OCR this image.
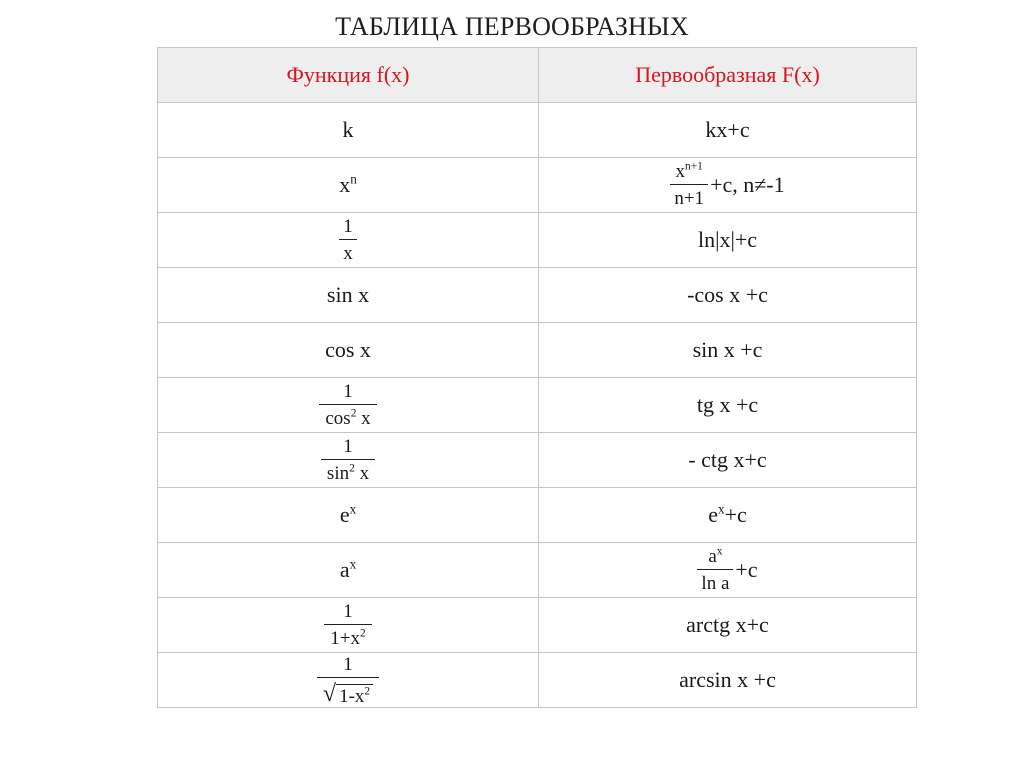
ТАБЛИЦА ПЕРВООБРАЗНЫХ
Функция f(x)	Первообразная F(x)
k	kx+c
$x^n$	$\frac{x^{n+1}}{n+1} +c$, n≠-1

$\frac{1}{x}$	ln|x|+c
sin x	-cos x +c
cos x	sin x +c

$\frac{1}{\cos^2 x}$	tg x +c

$\frac{1}{\sin^2 x}$	- ctg x+c
$e^x$	$e^x+c$
$a^x$	$\frac{a^x}{\text{ln a}} +c$

$\frac{1}{1+x^2}$	arctg x+c

$\frac{1}{√ 1-x^2}$	arcsin x +c
